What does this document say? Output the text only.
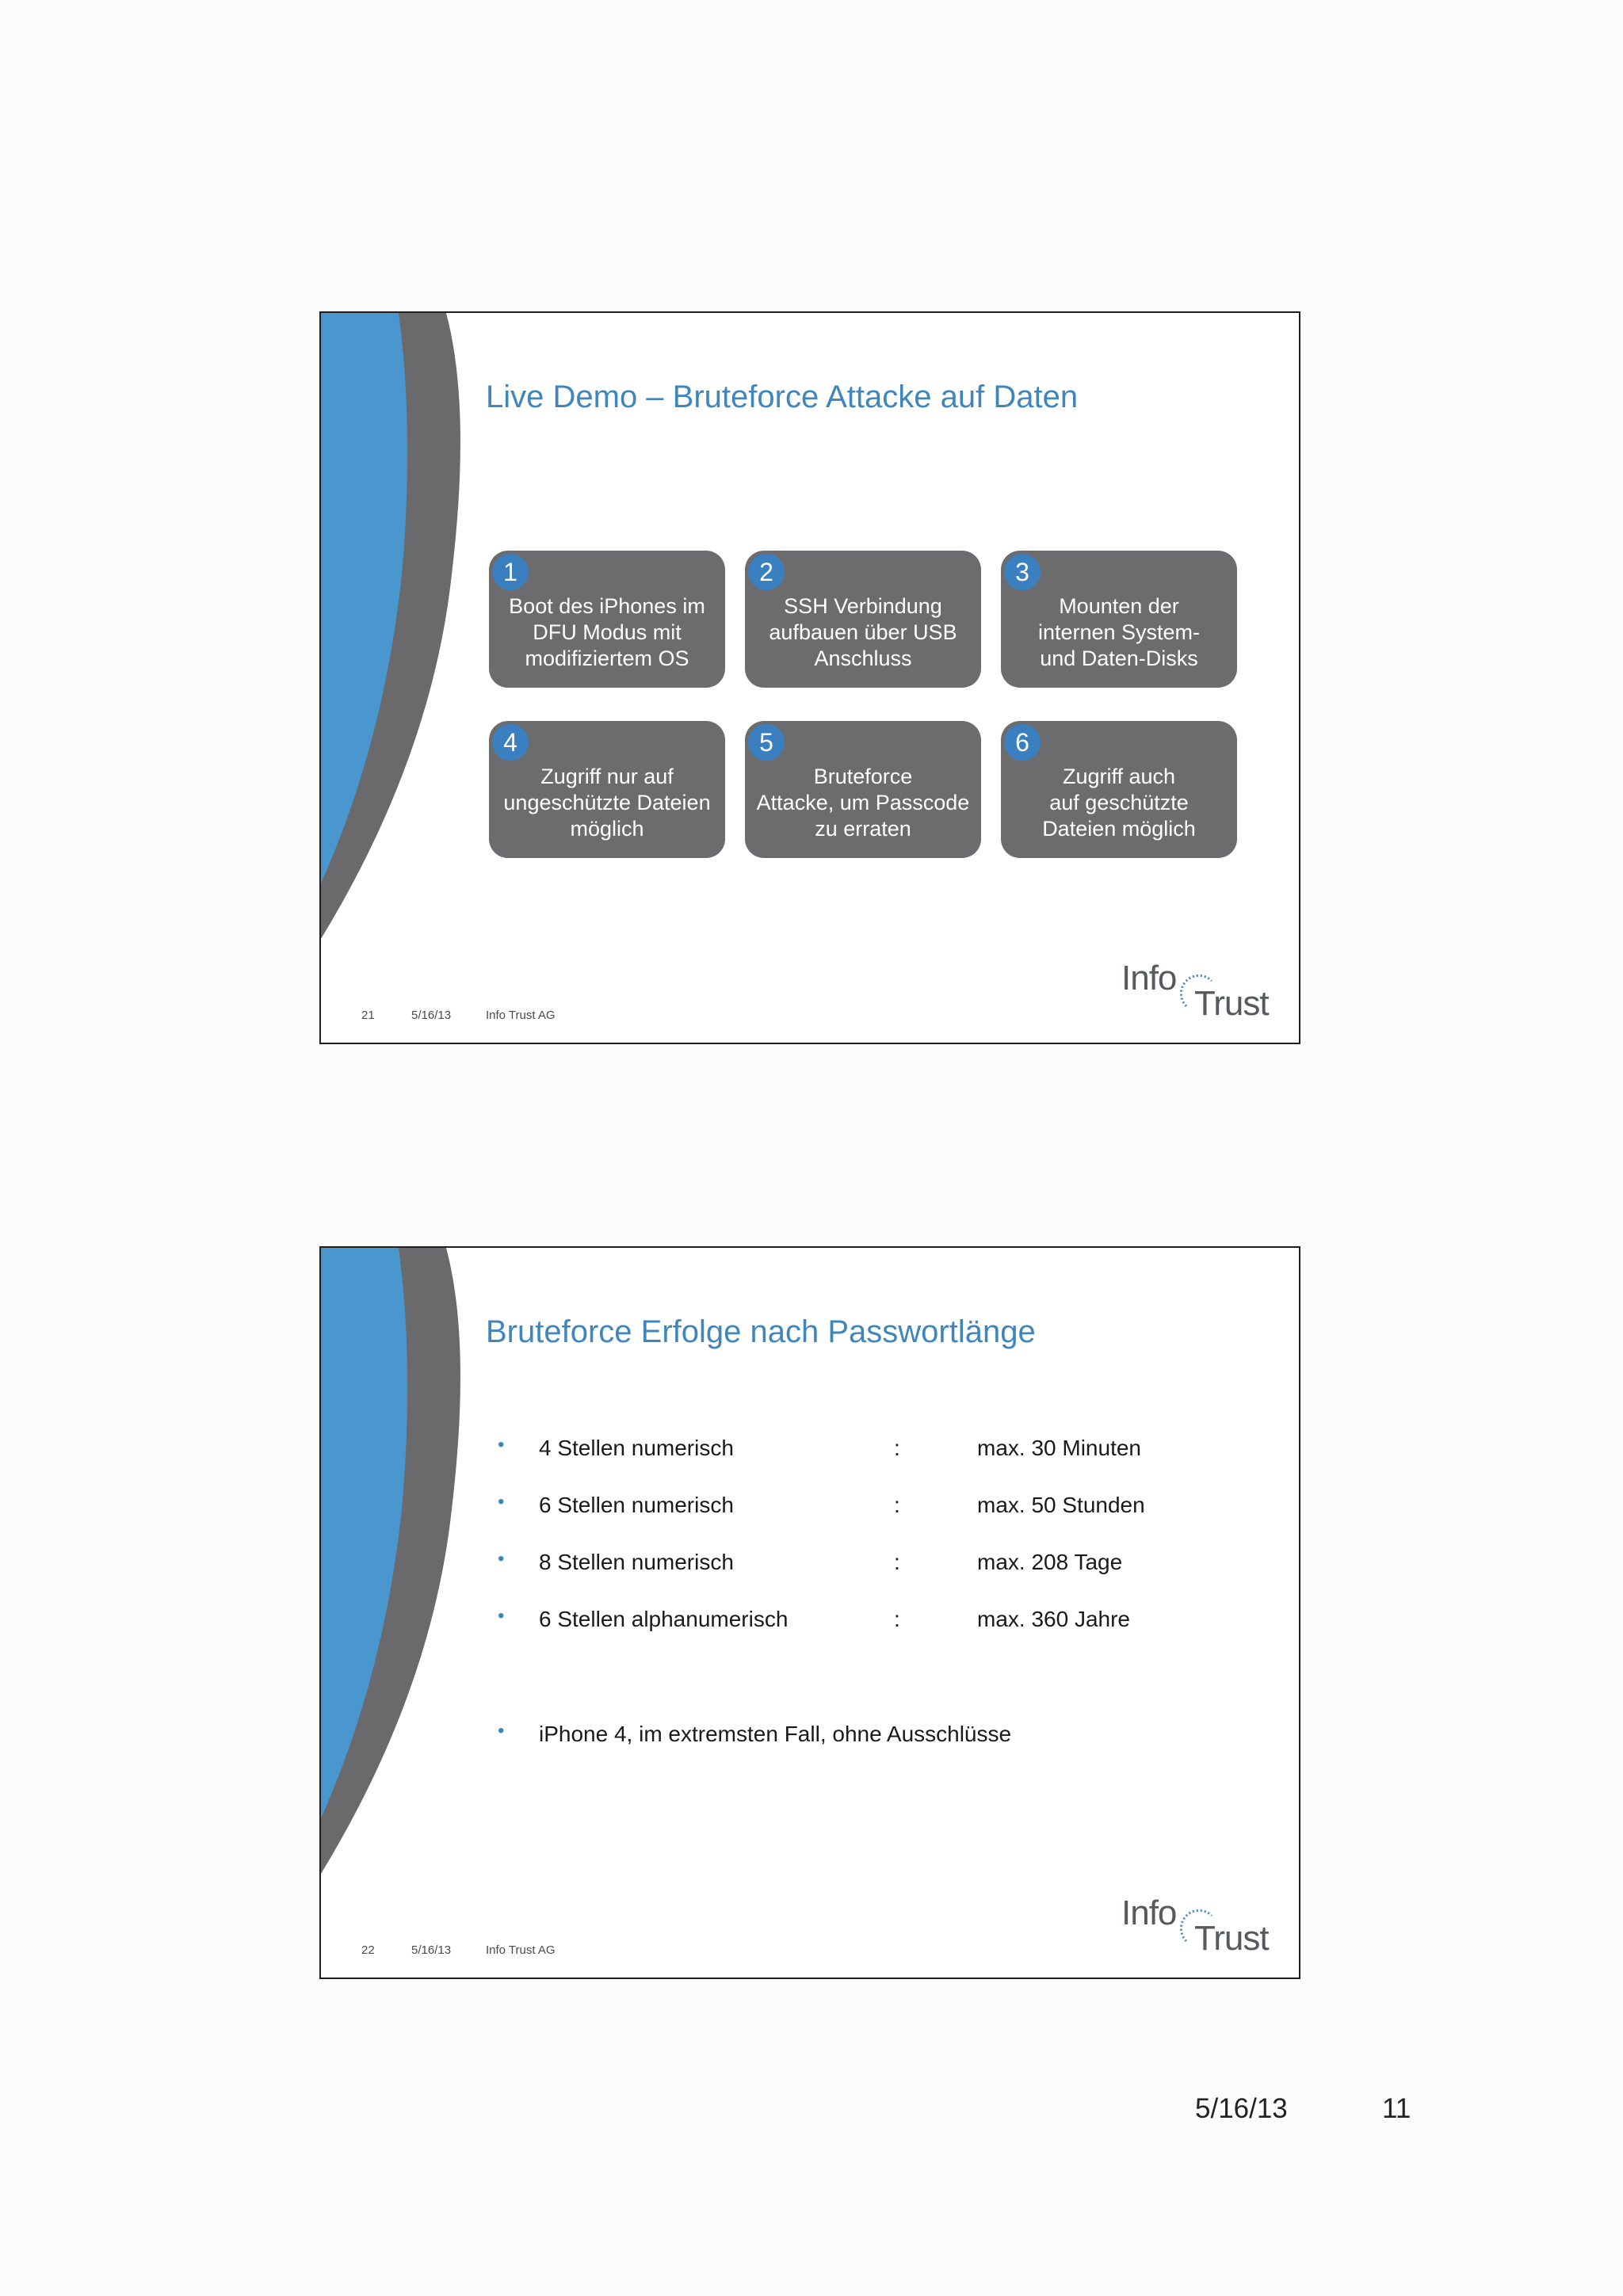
Live Demo – Bruteforce Attacke auf Daten
1
Boot des iPhones im
DFU Modus mit
modifiziertem OS
2
SSH Verbindung
aufbauen über USB
Anschluss
3
Mounten der
internen System-
und Daten-Disks
4
Zugriff nur auf
ungeschützte Dateien
möglich
5
Bruteforce
Attacke, um Passcode
zu erraten
6
Zugriff auch
auf geschützte
Dateien möglich
Info
Trust
21	5/16/13	Info Trust AG
Bruteforce Erfolge nach Passwortlänge
• 4 Stellen numerisch	:	max. 30 Minuten
• 6 Stellen numerisch	:	max. 50 Stunden
• 8 Stellen numerisch	:	max. 208 Tage
• 6 Stellen alphanumerisch	:	max. 360 Jahre
• iPhone 4, im extremsten Fall, ohne Ausschlüsse
Info
Trust
22	5/16/13	Info Trust AG
5/16/13	11
